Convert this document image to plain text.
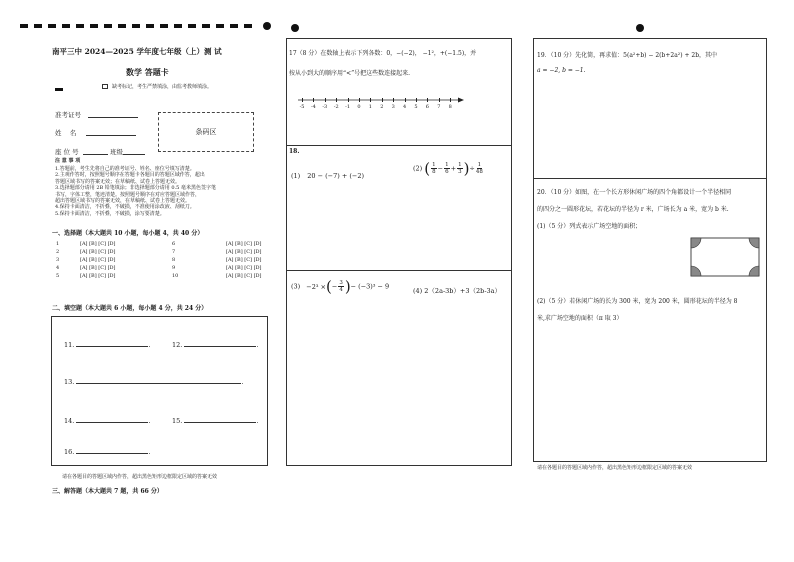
南平三中 2024—2025 学年度七年级（上）测 试
数学 答题卡
缺考标记，考生严禁填涂，由监考教师填涂。
准考证号
姓    名
座 位 号	班级
条码区
注 意 事 项
1.答题前，考生先将自己的准考证号、姓名、座位号填写清楚。
2.主观作答时，按照题号顺序在答题卡各题目的答题区域作答，超出
答题区域书写的答案无效；在草稿纸、试卷上答题无效。
3.选择题部分请用 2B 铅笔填涂；非选择题部分请用 0.5 毫米黑色签字笔
书写，字体工整，笔迹清楚。按照题号顺序在对应答题区域作答，
超出答题区域书写的答案无效，在草稿纸、试卷上答题无效。
4.保持卡面清洁，不折叠，不破损，不准使用涂改液、刮纸刀。
5.保持卡面清洁，不折叠，不破损，涂写要清楚。
一、选择题（本大题共 10 小题，每小题 4，共 40 分）
1	[A] [B] [C] [D]	6	[A] [B] [C] [D]
2	[A] [B] [C] [D]	7	[A] [B] [C] [D]
3	[A] [B] [C] [D]	8	[A] [B] [C] [D]
4	[A] [B] [C] [D]	9	[A] [B] [C] [D]
5	[A] [B] [C] [D]	10	[A] [B] [C] [D]
二、填空题（本大题共 6 小题，每小题 4 分，共 24 分）
11.	.	12.	.
13.	.
14.	.	15.	.
16.	.
请在各题目的答题区域内作答，超出黑色矩形边框限定区域的答案无效
三、解答题（本大题共 7 题，共 66 分）
17（8 分）在数轴上表示下列各数：0，−(−2)， −1²，+(−1.5)，并
按从小到大的顺序用“<”号把这些数连接起来.
-5	-4	-3	-2	-1	0	1	2	3	4	5	6	7	8
18.
(1) 20 − (−7) + (−2)
(2) ( $\frac{1}{8} - \frac{1}{6} + \frac{1}{3}$ )÷ $\frac{1}{48}$
(3) −2³ ×(− $\frac{3}{4}$ )− (−3)³ − 9
(4) 2（2a-3b）+3（2b-3a）
19．（10 分）先化简，再求值：5(a²+b) − 2(b+2a²) + 2b，其中
a = −2, b = −1.
20．（10 分）如图，在一个长方形休闲广场的四个角都设计一个半径相同
的四分之一圆形花坛，若花坛的半径为 r 米，广场长为 a 米，宽为 b 米.
(1)（5 分）列式表示广场空地的面积；
(2)（5 分）若休闲广场的长为 300 米，宽为 200 米，圆形花坛的半径为 8
米,求广场空地的面积（π 取 3）
请在各题目的答题区域内作答，超出黑色矩形边框限定区域的答案无效
